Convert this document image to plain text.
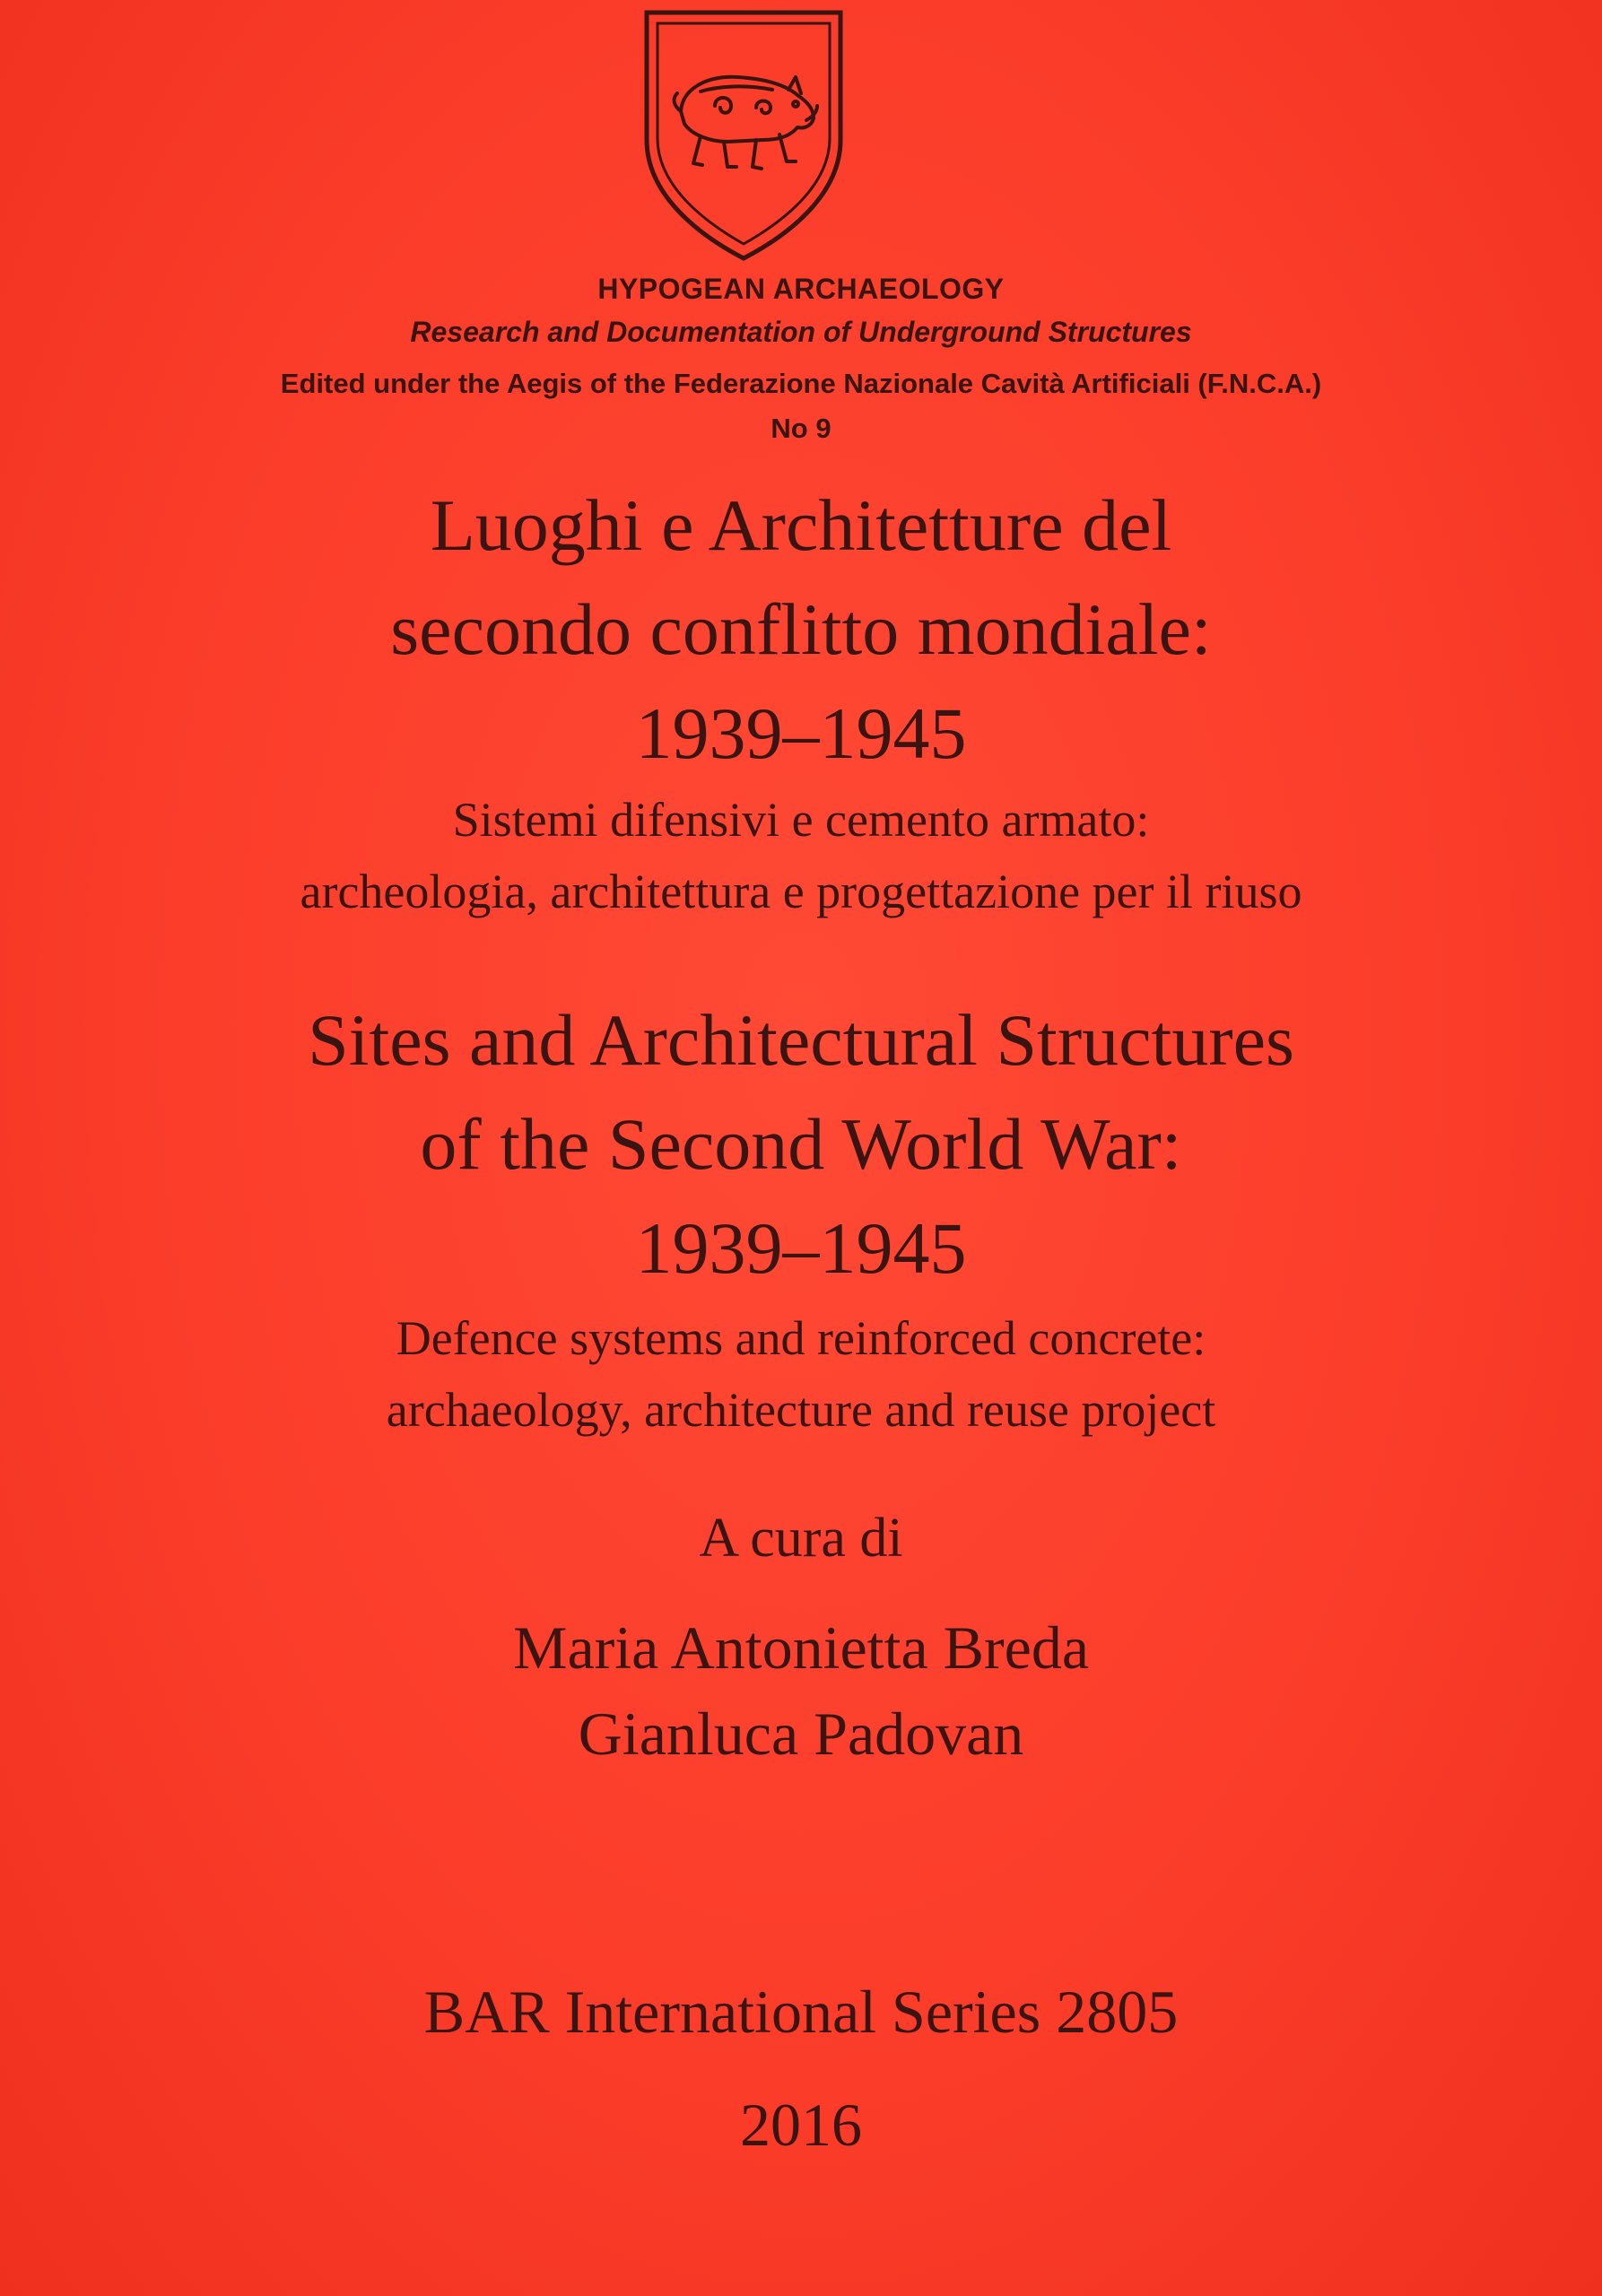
HYPOGEAN ARCHAEOLOGY
Research and Documentation of Underground Structures
Edited under the Aegis of the Federazione Nazionale Cavità Artificiali (F.N.C.A.)
No 9
Luoghi e Architetture del
secondo conflitto mondiale:
1939–1945
Sistemi difensivi e cemento armato:
archeologia, architettura e progettazione per il riuso
Sites and Architectural Structures
of the Second World War:
1939–1945
Defence systems and reinforced concrete:
archaeology, architecture and reuse project
A cura di
Maria Antonietta Breda
Gianluca Padovan
BAR International Series 2805
2016
